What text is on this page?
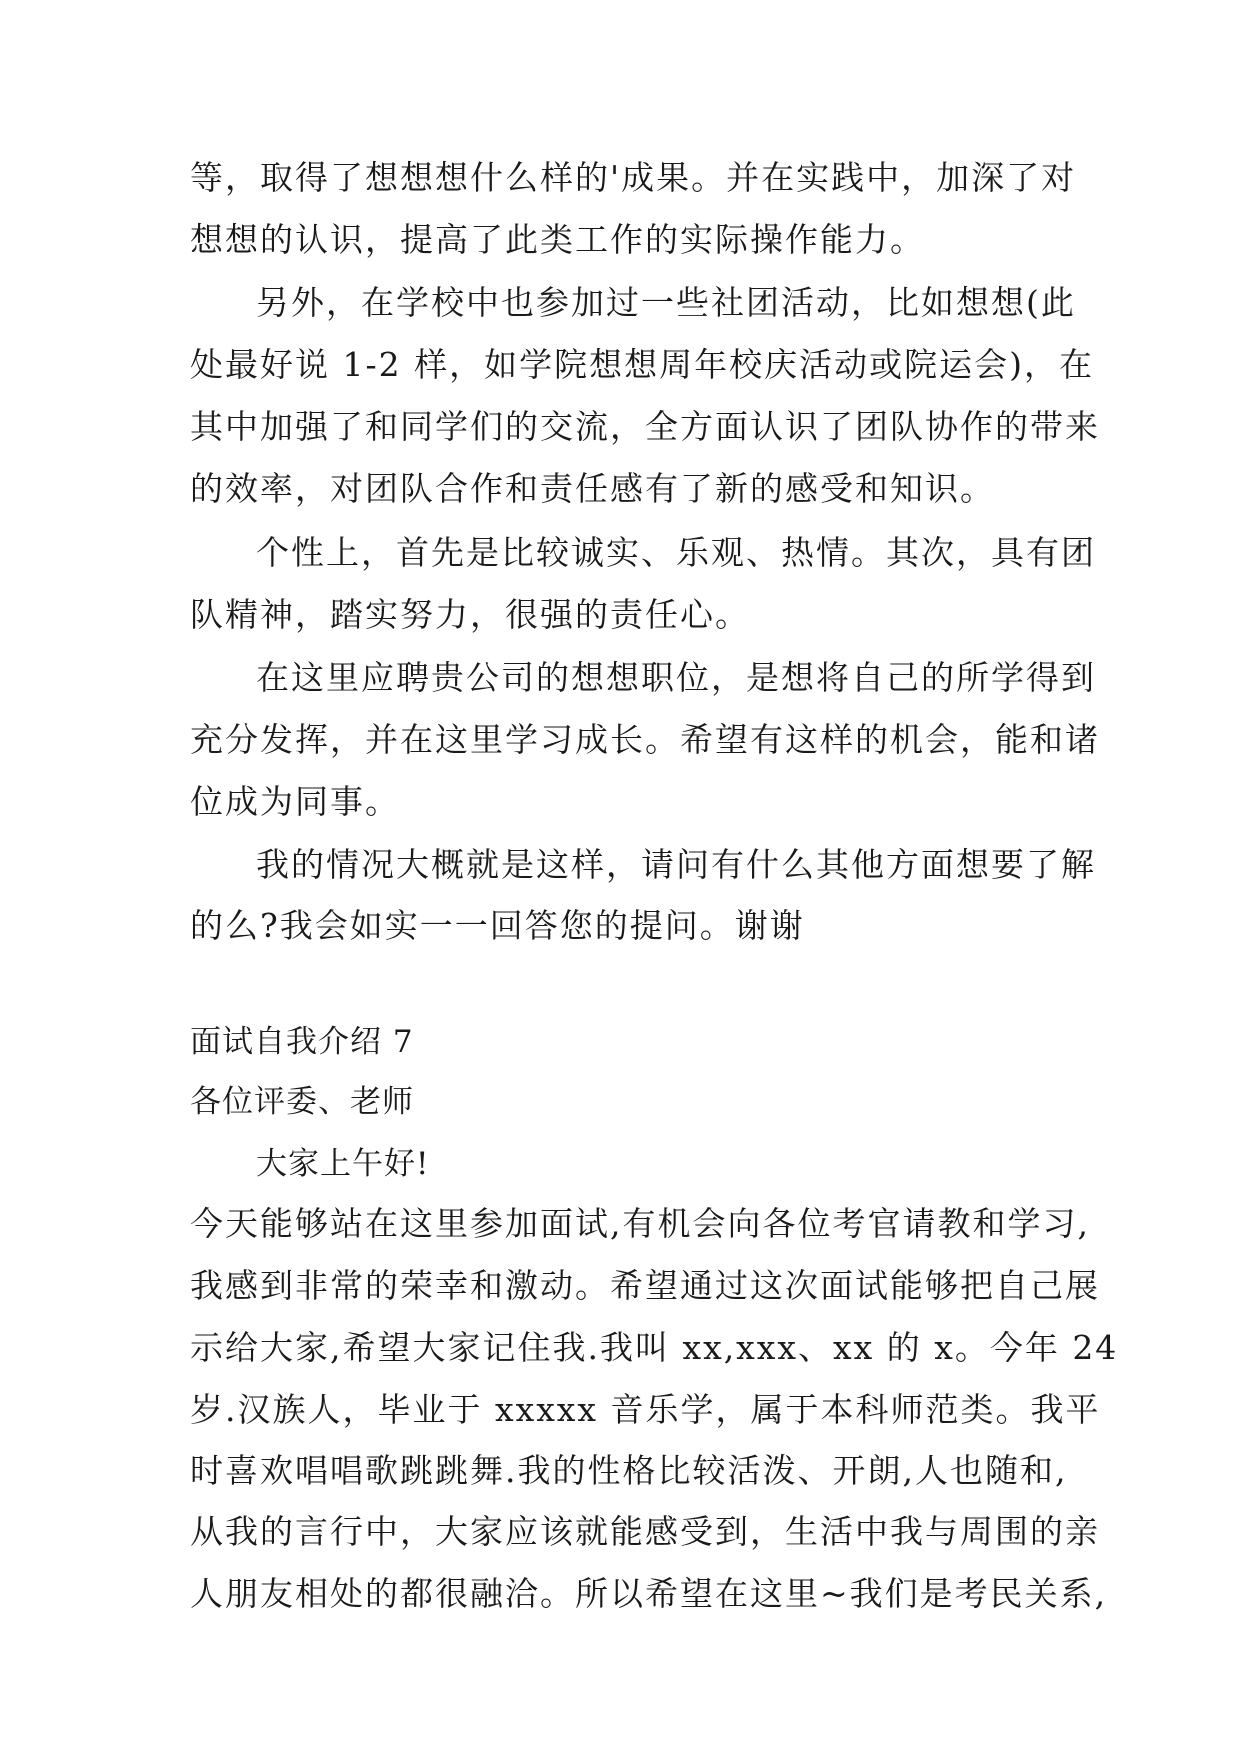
等，取得了想想想什么样的'成果。并在实践中，加深了对
想想的认识，提高了此类工作的实际操作能力。
另外，在学校中也参加过一些社团活动，比如想想(此
处最好说 1-2 样，如学院想想周年校庆活动或院运会)，在
其中加强了和同学们的交流，全方面认识了团队协作的带来
的效率，对团队合作和责任感有了新的感受和知识。
个性上，首先是比较诚实、乐观、热情。其次，具有团
队精神，踏实努力，很强的责任心。
在这里应聘贵公司的想想职位，是想将自己的所学得到
充分发挥，并在这里学习成长。希望有这样的机会，能和诸
位成为同事。
我的情况大概就是这样，请问有什么其他方面想要了解
的么?我会如实一一回答您的提问。谢谢
面试自我介绍 7
各位评委、老师
大家上午好!
今天能够站在这里参加面试,有机会向各位考官请教和学习,
我感到非常的荣幸和激动。希望通过这次面试能够把自己展
示给大家,希望大家记住我.我叫 xx,xxx、xx 的 x。今年 24
岁.汉族人，毕业于 xxxxx 音乐学，属于本科师范类。我平
时喜欢唱唱歌跳跳舞.我的性格比较活泼、开朗,人也随和,
从我的言行中，大家应该就能感受到，生活中我与周围的亲
人朋友相处的都很融洽。所以希望在这里~我们是考民关系,
